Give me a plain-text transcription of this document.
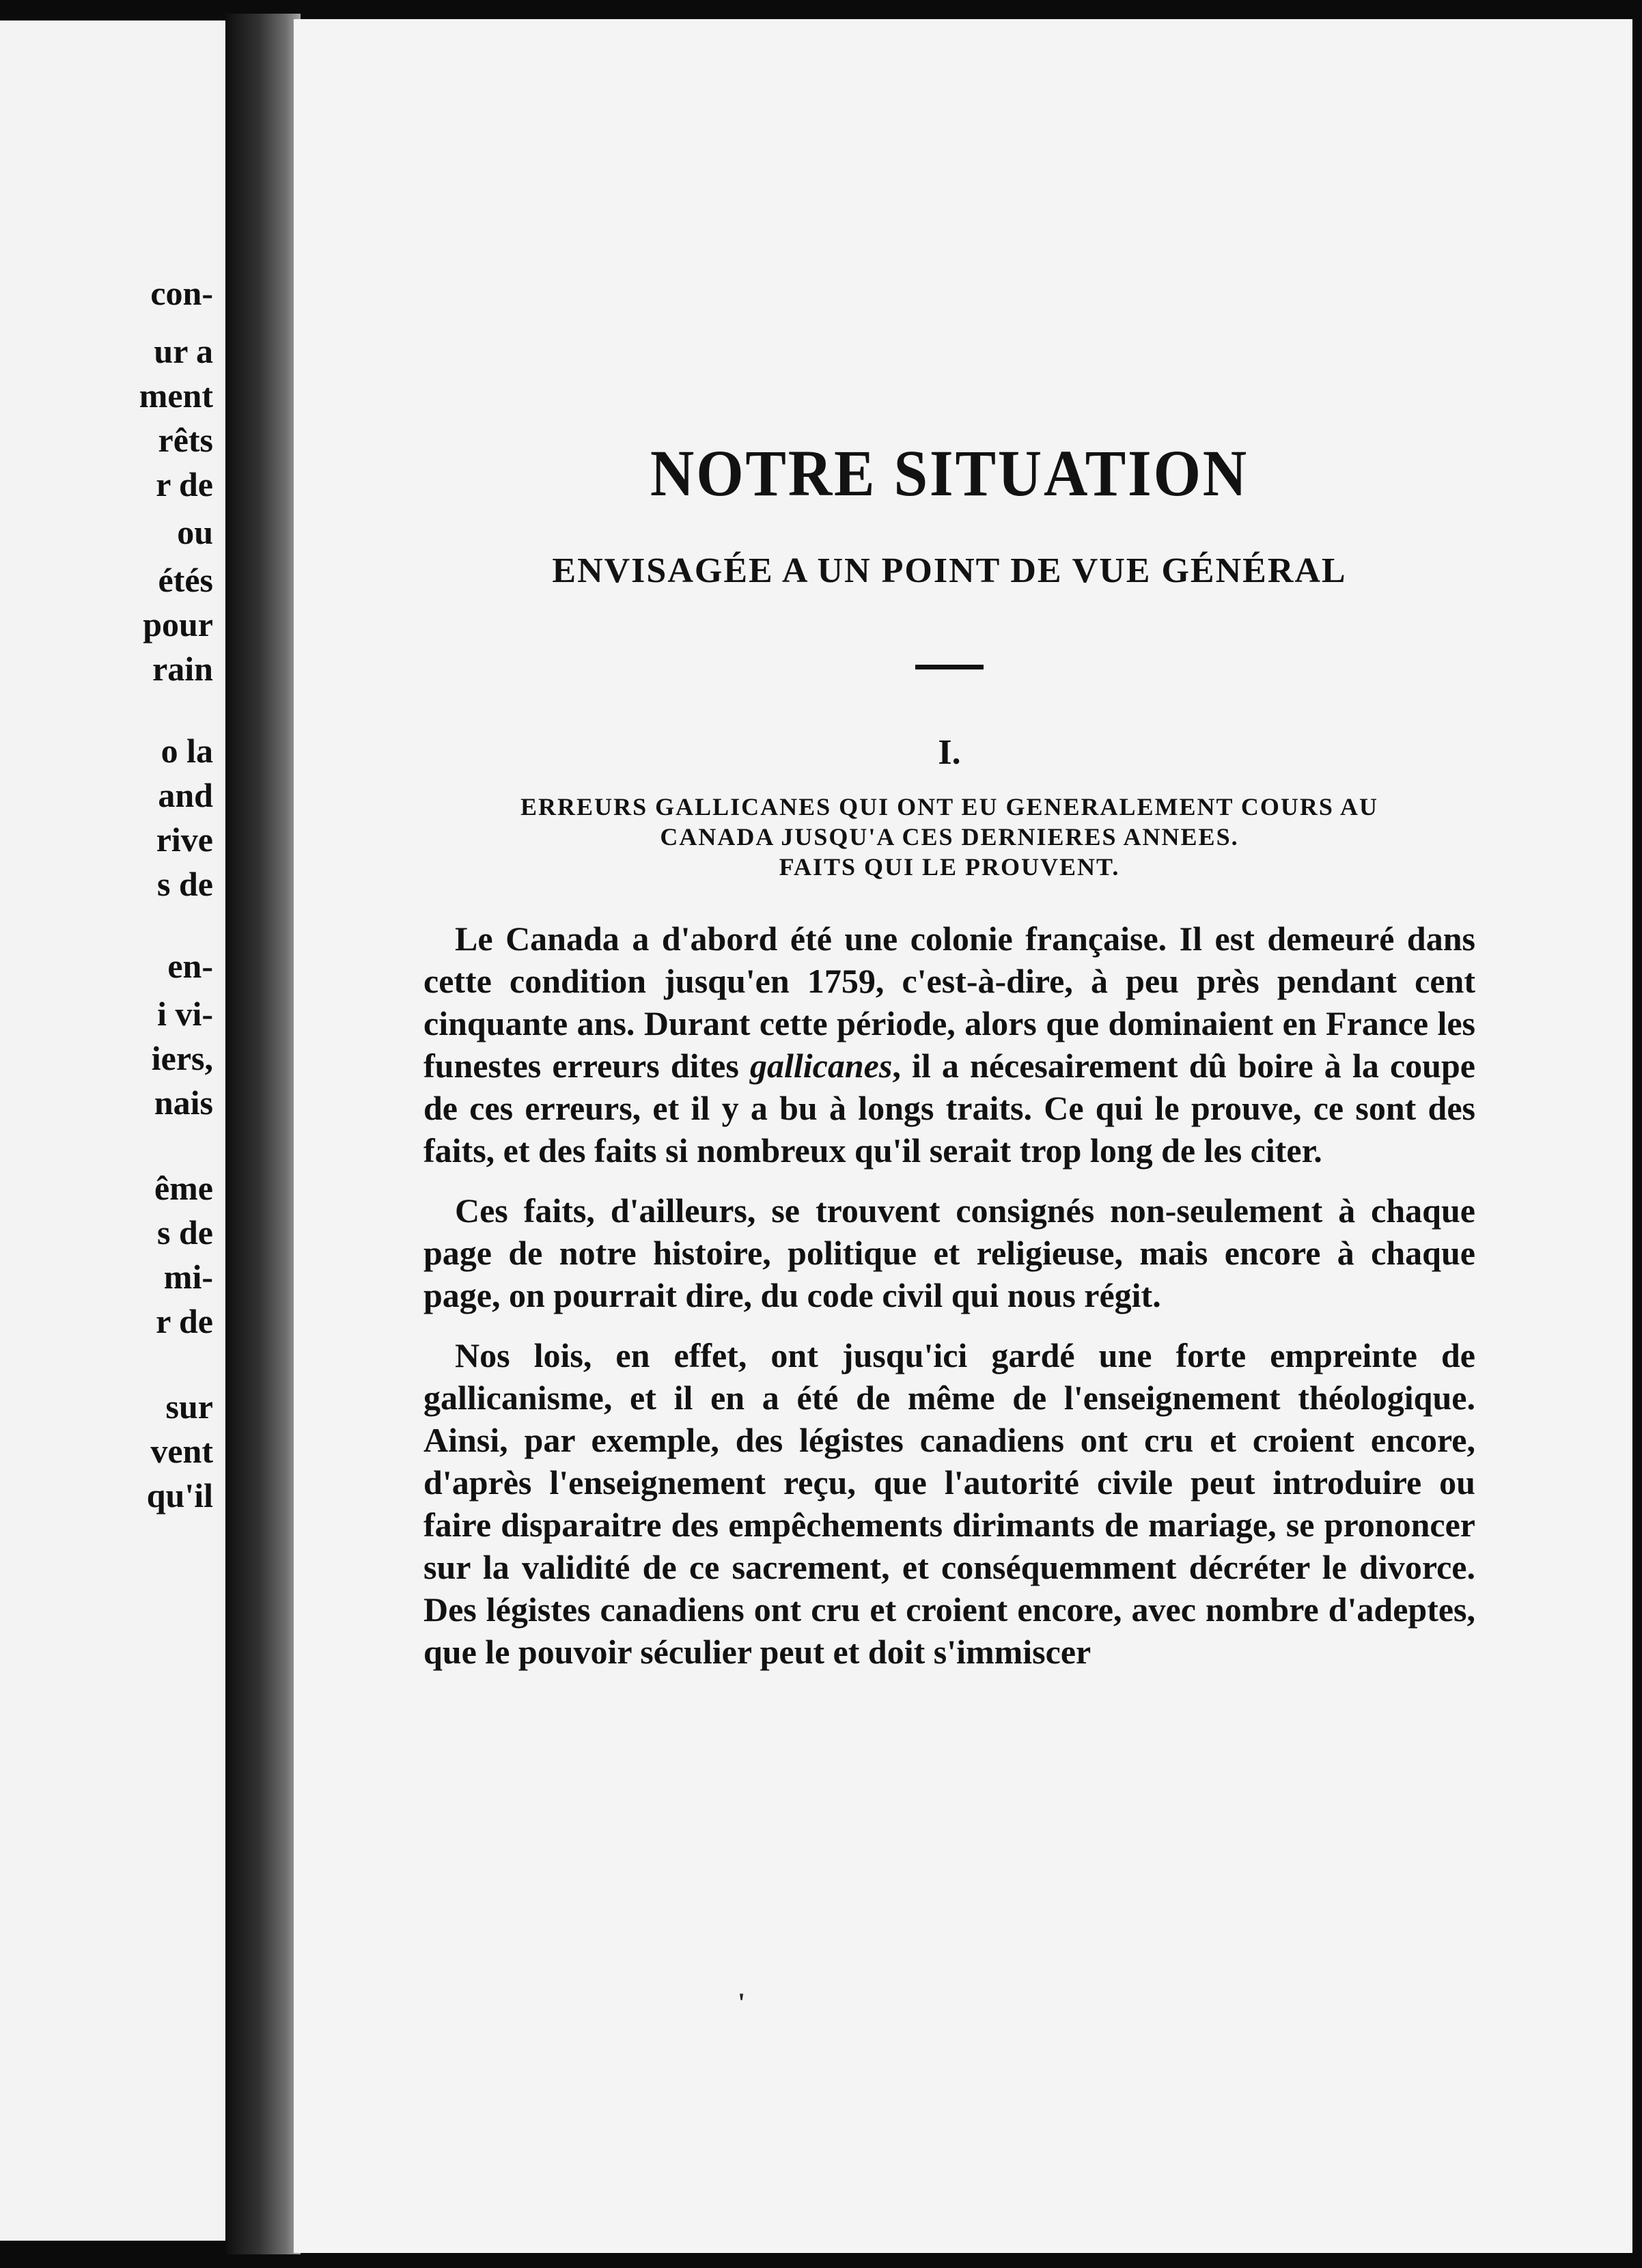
con-

ur a

ment

rêts

r de

ou

étés

pour

rain

o la

and

rive

s de

en-

i vi-

iers,

nais

ême

s de

mi-

r de

sur

vent

qu'il

NOTRE SITUATION
ENVISAGÉE A UN POINT DE VUE GÉNÉRAL

I.

ERREURS GALLICANES QUI ONT EU GENERALEMENT COURS AU
CANADA JUSQU'A CES DERNIERES ANNEES.
FAITS QUI LE PROUVENT.

Le Canada a d'abord été une colonie française. Il est demeuré dans cette condition jusqu'en 1759, c'est-à-dire, à peu près pendant cent cinquante ans. Durant cette période, alors que dominaient en France les funestes erreurs dites gallicanes, il a nécesairement dû boire à la coupe de ces erreurs, et il y a bu à longs traits. Ce qui le prouve, ce sont des faits, et des faits si nombreux qu'il serait trop long de les citer.

Ces faits, d'ailleurs, se trouvent consignés non-seulement à chaque page de notre histoire, politique et religieuse, mais encore à chaque page, on pourrait dire, du code civil qui nous régit.

Nos lois, en effet, ont jusqu'ici gardé une forte empreinte de gallicanisme, et il en a été de même de l'enseignement théologique. Ainsi, par exemple, des légistes canadiens ont cru et croient encore, d'après l'enseignement reçu, que l'autorité civile peut introduire ou faire disparaitre des empêchements dirimants de mariage, se prononcer sur la validité de ce sacrement, et conséquemment décréter le divorce. Des légistes canadiens ont cru et croient encore, avec nombre d'adeptes, que le pouvoir séculier peut et doit s'immiscer

'
